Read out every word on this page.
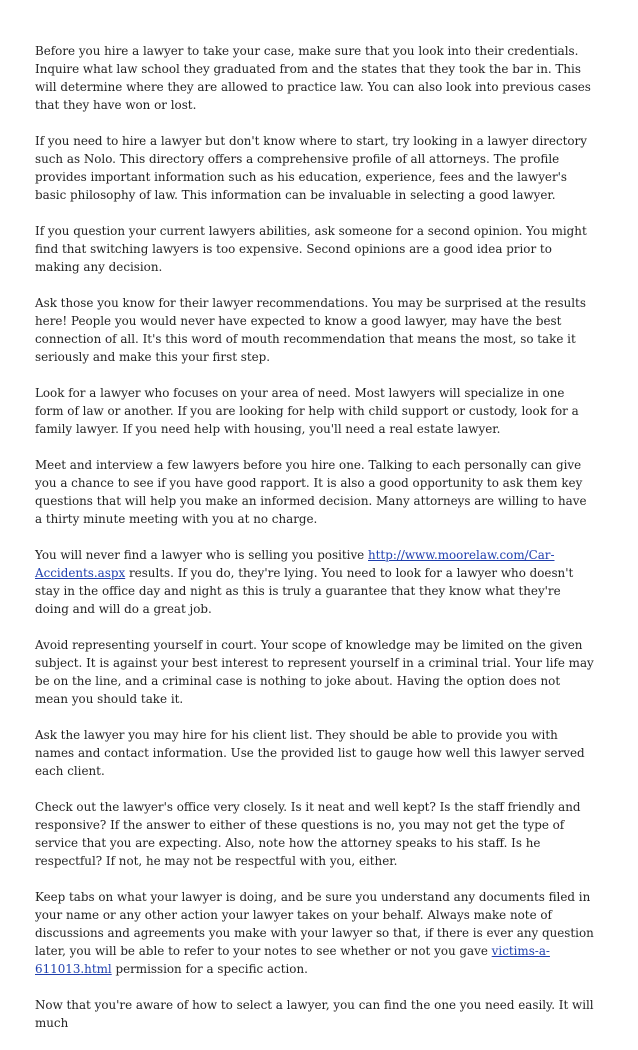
Before you hire a lawyer to take your case, make sure that you look into their credentials. Inquire what law school they graduated from and the states that they took the bar in. This will determine where they are allowed to practice law. You can also look into previous cases that they have won or lost.

If you need to hire a lawyer but don't know where to start, try looking in a lawyer directory such as Nolo. This directory offers a comprehensive profile of all attorneys. The profile provides important information such as his education, experience, fees and the lawyer's basic philosophy of law. This information can be invaluable in selecting a good lawyer.

If you question your current lawyers abilities, ask someone for a second opinion. You might find that switching lawyers is too expensive. Second opinions are a good idea prior to making any decision.

Ask those you know for their lawyer recommendations. You may be surprised at the results here! People you would never have expected to know a good lawyer, may have the best connection of all. It's this word of mouth recommendation that means the most, so take it seriously and make this your first step.

Look for a lawyer who focuses on your area of need. Most lawyers will specialize in one form of law or another. If you are looking for help with child support or custody, look for a family lawyer. If you need help with housing, you'll need a real estate lawyer.

Meet and interview a few lawyers before you hire one. Talking to each personally can give you a chance to see if you have good rapport. It is also a good opportunity to ask them key questions that will help you make an informed decision. Many attorneys are willing to have a thirty minute meeting with you at no charge.

You will never find a lawyer who is selling you positive http://www.moorelaw.com/Car-Accidents.aspx results. If you do, they're lying. You need to look for a lawyer who doesn't stay in the office day and night as this is truly a guarantee that they know what they're doing and will do a great job.

Avoid representing yourself in court. Your scope of knowledge may be limited on the given subject. It is against your best interest to represent yourself in a criminal trial. Your life may be on the line, and a criminal case is nothing to joke about. Having the option does not mean you should take it.

Ask the lawyer you may hire for his client list. They should be able to provide you with names and contact information. Use the provided list to gauge how well this lawyer served each client.

Check out the lawyer's office very closely. Is it neat and well kept? Is the staff friendly and responsive? If the answer to either of these questions is no, you may not get the type of service that you are expecting. Also, note how the attorney speaks to his staff. Is he respectful? If not, he may not be respectful with you, either.

Keep tabs on what your lawyer is doing, and be sure you understand any documents filed in your name or any other action your lawyer takes on your behalf. Always make note of discussions and agreements you make with your lawyer so that, if there is ever any question later, you will be able to refer to your notes to see whether or not you gave victims-a-611013.html permission for a specific action.

Now that you're aware of how to select a lawyer, you can find the one you need easily. It will much
